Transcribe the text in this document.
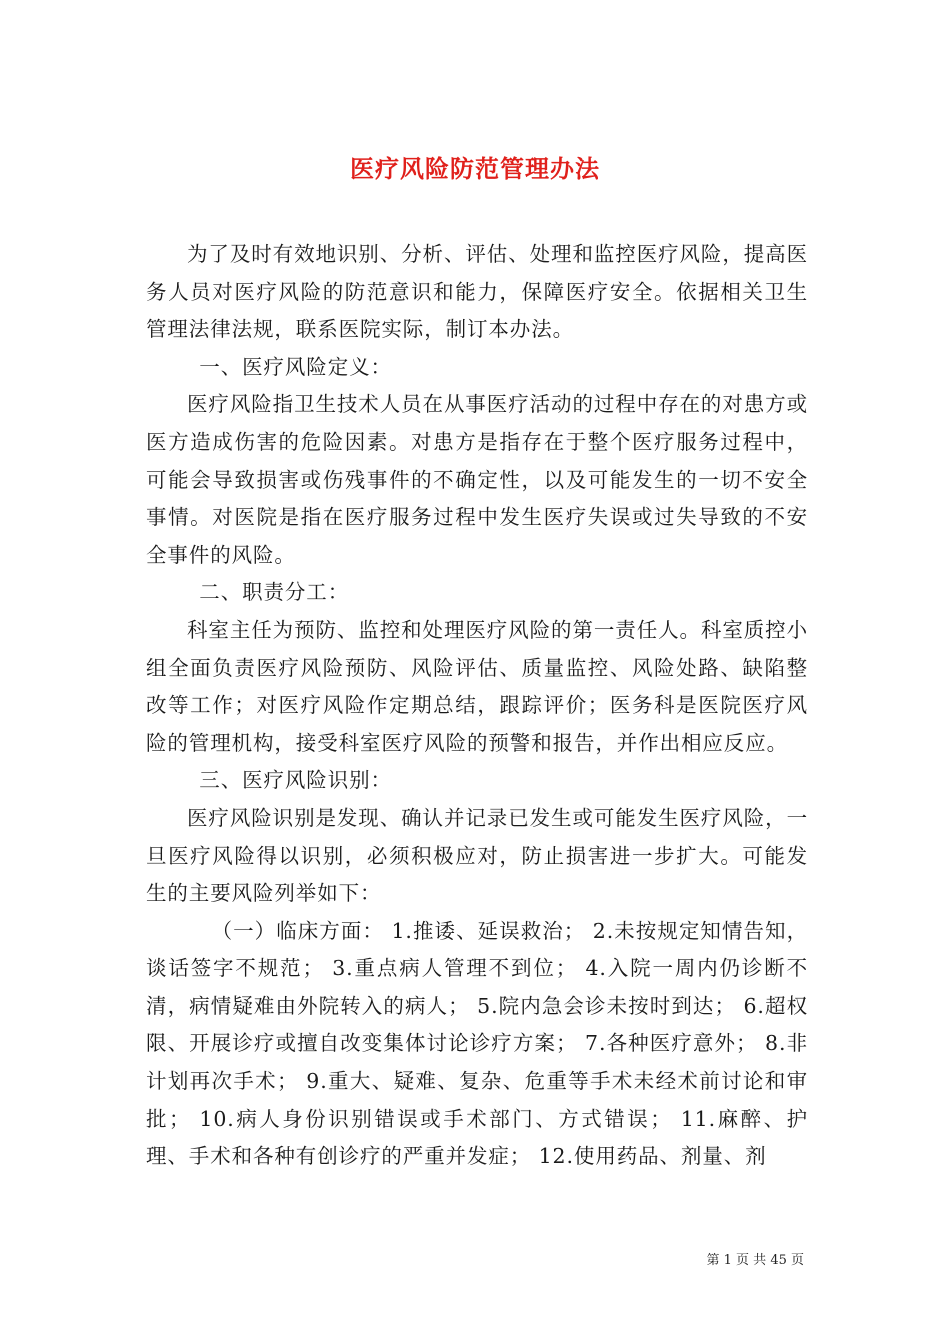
医疗风险防范管理办法

为了及时有效地识别、分析、评估、处理和监控医疗风险，提高医务人员对医疗风险的防范意识和能力，保障医疗安全。依据相关卫生管理法律法规，联系医院实际，制订本办法。

一、医疗风险定义：

医疗风险指卫生技术人员在从事医疗活动的过程中存在的对患方或医方造成伤害的危险因素。对患方是指存在于整个医疗服务过程中，可能会导致损害或伤残事件的不确定性，以及可能发生的一切不安全事情。对医院是指在医疗服务过程中发生医疗失误或过失导致的不安全事件的风险。

二、职责分工：

科室主任为预防、监控和处理医疗风险的第一责任人。科室质控小组全面负责医疗风险预防、风险评估、质量监控、风险处路、缺陷整改等工作；对医疗风险作定期总结，跟踪评价；医务科是医院医疗风险的管理机构，接受科室医疗风险的预警和报告，并作出相应反应。

三、医疗风险识别：

医疗风险识别是发现、确认并记录已发生或可能发生医疗风险，一旦医疗风险得以识别，必须积极应对，防止损害进一步扩大。可能发生的主要风险列举如下：

（一）临床方面： 1.推诿、延误救治； 2.未按规定知情告知，谈话签字不规范； 3.重点病人管理不到位； 4.入院一周内仍诊断不清，病情疑难由外院转入的病人； 5.院内急会诊未按时到达； 6.超权限、开展诊疗或擅自改变集体讨论诊疗方案； 7.各种医疗意外； 8.非计划再次手术； 9.重大、疑难、复杂、危重等手术未经术前讨论和审批； 10.病人身份识别错误或手术部门、方式错误； 11.麻醉、护理、手术和各种有创诊疗的严重并发症； 12.使用药品、剂量、剂

第 1 页 共 45 页
